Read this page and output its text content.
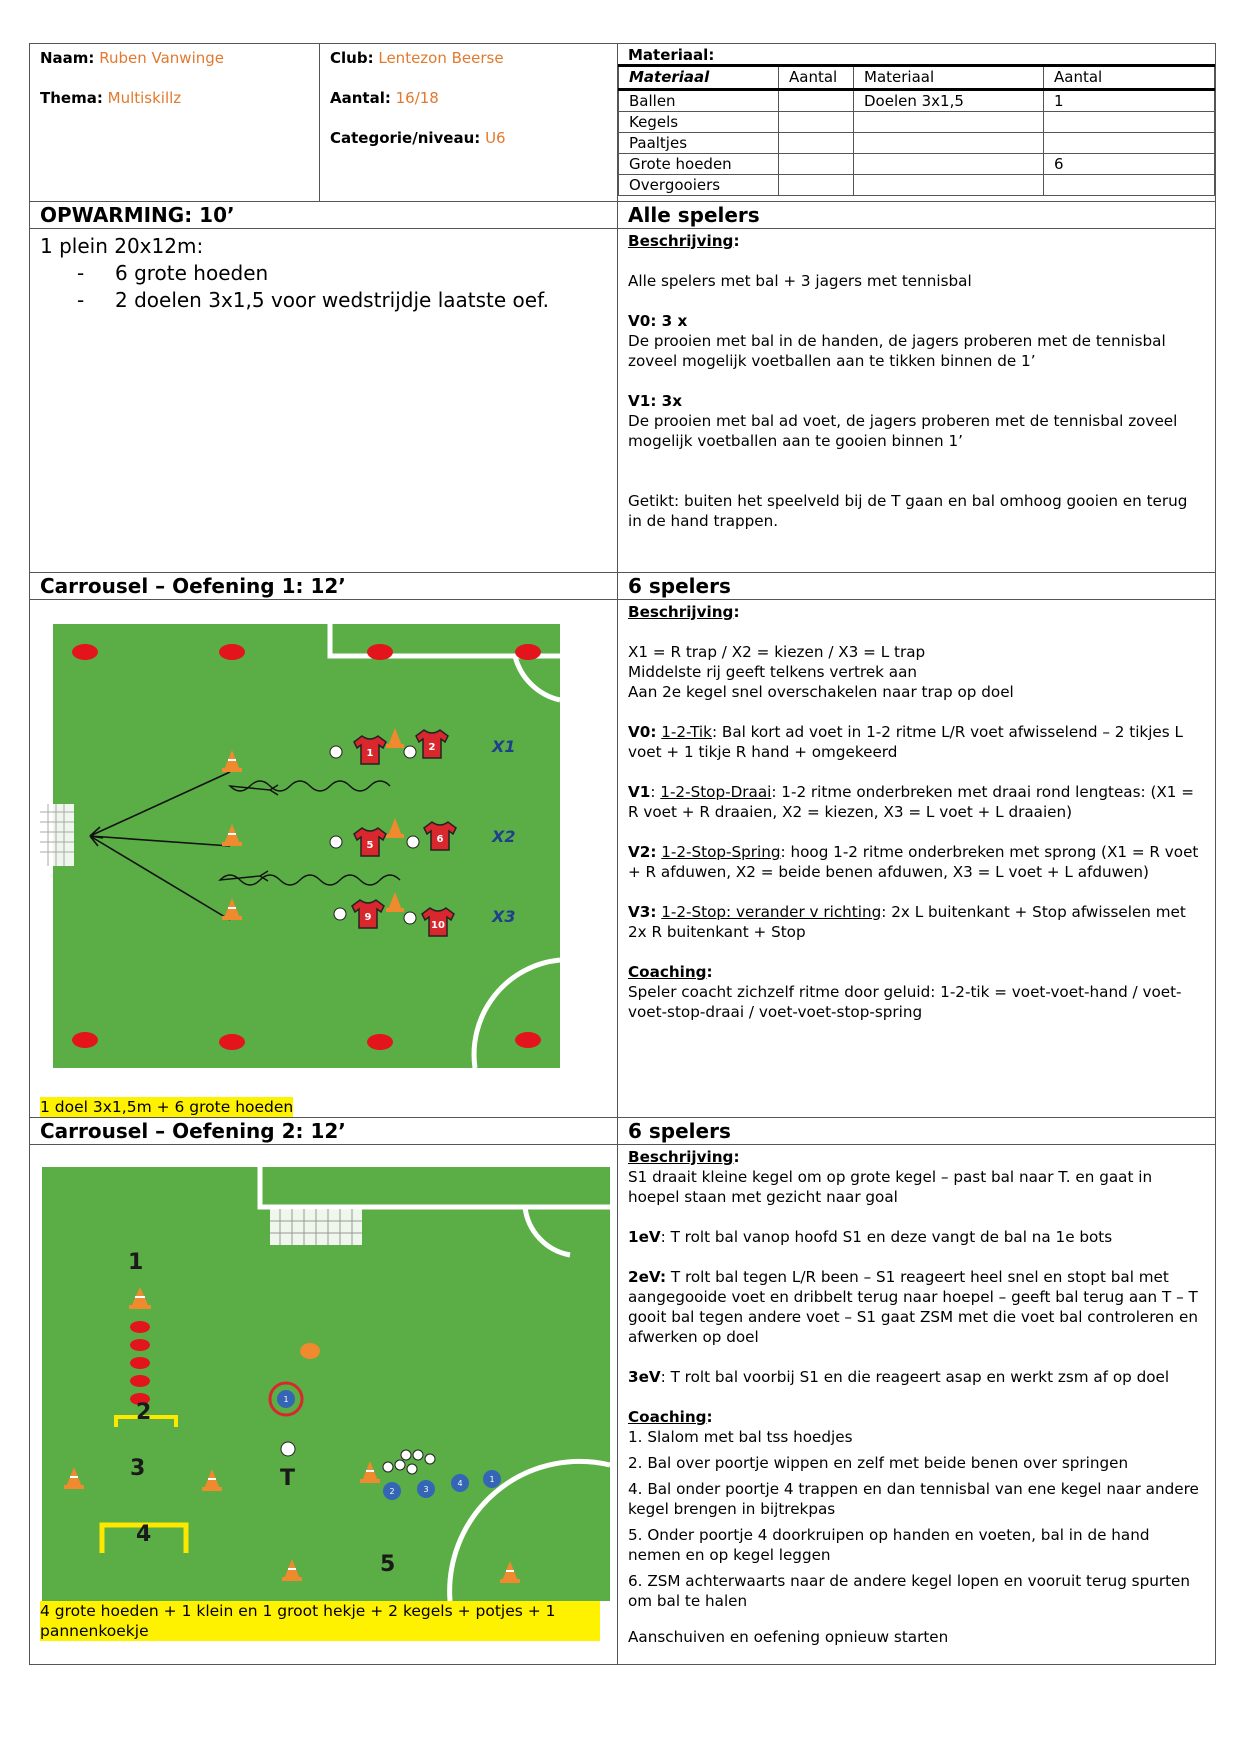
Naam: Ruben Vanwinge

Thema: Multiskillz

Club: Lentezon Beerse

Aantal: 16/18

Categorie/niveau: U6

Materiaal:
Materiaal	Aantal	Materiaal	Aantal
Ballen		Doelen 3x1,5	1
Kegels			
Paaltjes			
Grote hoeden			6
Overgooiers			

OPWARMING: 10’	Alle spelers

1 plein 20x12m:
- 6 grote hoeden
- 2 doelen 3x1,5 voor wedstrijdje laatste oef.

Beschrijving:

Alle spelers met bal + 3 jagers met tennisbal

V0: 3 x
De prooien met bal in de handen, de jagers proberen met de tennisbal zoveel mogelijk voetballen aan te tikken binnen de 1’

V1: 3x
De prooien met bal ad voet, de jagers proberen met de tennisbal zoveel mogelijk voetballen aan te gooien binnen 1’

Getikt: buiten het speelveld bij de T gaan en bal omhoog gooien en terug in de hand trappen.

Carrousel – Oefening 1: 12’	6 spelers

1
2
5
6
9
10
X1
X2
X3
1 doel 3x1,5m + 6 grote hoeden

Beschrijving:

X1 = R trap / X2 = kiezen / X3 = L trap
Middelste rij geeft telkens vertrek aan
Aan 2e kegel snel overschakelen naar trap op doel

V0: 1-2-Tik: Bal kort ad voet in 1-2 ritme L/R voet afwisselend – 2 tikjes L voet + 1 tikje R hand + omgekeerd

V1: 1-2-Stop-Draai: 1-2 ritme onderbreken met draai rond lengteas: (X1 = R voet + R draaien, X2 = kiezen, X3 = L voet + L draaien)

V2: 1-2-Stop-Spring: hoog 1-2 ritme onderbreken met sprong (X1 = R voet + R afduwen, X2 = beide benen afduwen, X3 = L voet + L afduwen)

V3: 1-2-Stop: verander v richting: 2x L buitenkant + Stop afwisselen met 2x R buitenkant + Stop

Coaching:
Speler coacht zichzelf ritme door geluid: 1-2-tik = voet-voet-hand / voet-voet-stop-draai / voet-voet-stop-spring

Carrousel – Oefening 2: 12’	6 spelers

1
2	3
4	1
1
2
3
4
5
T
4 grote hoeden + 1 klein en 1 groot hekje + 2 kegels + potjes + 1 pannenkoekje

Beschrijving:

S1 draait kleine kegel om op grote kegel – past bal naar T. en gaat in hoepel staan met gezicht naar goal

1eV: T rolt bal vanop hoofd S1 en deze vangt de bal na 1e bots

2eV: T rolt bal tegen L/R been – S1 reageert heel snel en stopt bal met aangegooide voet en dribbelt terug naar hoepel – geeft bal terug aan T – T gooit bal tegen andere voet – S1 gaat ZSM met die voet bal controleren en afwerken op doel

3eV: T rolt bal voorbij S1 en die reageert asap en werkt zsm af op doel

Coaching:

1. Slalom met bal tss hoedjes

2. Bal over poortje wippen en zelf met beide benen over springen

4. Bal onder poortje 4 trappen en dan tennisbal van ene kegel naar andere kegel brengen in bijtrekpas

5. Onder poortje 4 doorkruipen op handen en voeten, bal in de hand nemen en op kegel leggen

6. ZSM achterwaarts naar de andere kegel lopen en vooruit terug spurten om bal te halen

Aanschuiven en oefening opnieuw starten
